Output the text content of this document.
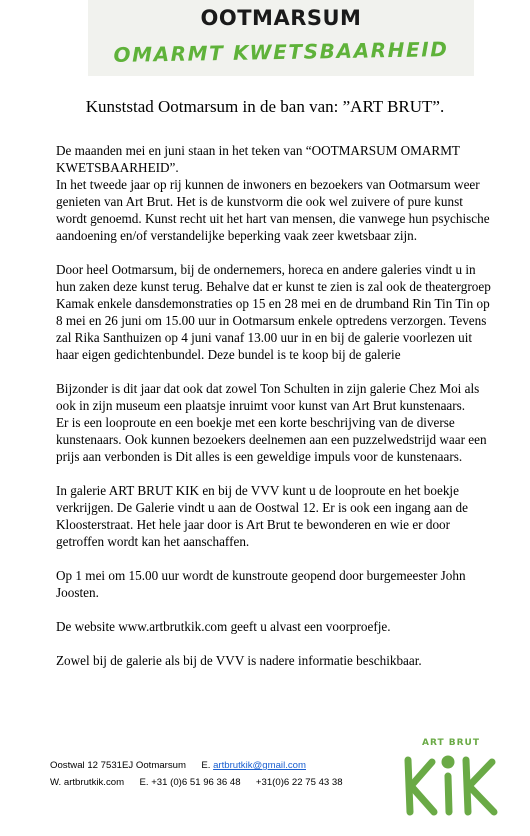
OOTMARSUM
OMARMT KWETSBAARHEID
Kunststad Ootmarsum in de ban van: ”ART BRUT”.

De maanden mei en juni staan in het teken van “OOTMARSUM OMARMT KWETSBAARHEID”.

In het tweede jaar op rij kunnen de inwoners en bezoekers van Ootmarsum weer genieten van Art Brut. Het is de kunstvorm die ook wel zuivere of pure kunst wordt genoemd. Kunst recht uit het hart van mensen, die vanwege hun psychische aandoening en/of verstandelijke beperking vaak zeer kwetsbaar zijn.

Door heel Ootmarsum, bij de ondernemers, horeca en andere galeries vindt u in hun zaken deze kunst terug. Behalve dat er kunst te zien is zal ook de theatergroep Kamak enkele dansdemonstraties op 15 en 28 mei en de drumband Rin Tin Tin op 8 mei en 26 juni om 15.00 uur in Ootmarsum enkele optredens verzorgen. Tevens zal Rika Santhuizen op 4 juni vanaf 13.00 uur in en bij de galerie voorlezen uit haar eigen gedichtenbundel. Deze bundel is te koop bij de galerie

Bijzonder is dit jaar dat ook dat zowel Ton Schulten in zijn galerie Chez Moi als ook in zijn museum een plaatsje inruimt voor kunst van Art Brut kunstenaars.

Er is een looproute en een boekje met een korte beschrijving van de diverse kunstenaars. Ook kunnen bezoekers deelnemen aan een puzzelwedstrijd waar een prijs aan verbonden is Dit alles is een geweldige impuls voor de kunstenaars.

In galerie ART BRUT KIK en bij de VVV kunt u de looproute en het boekje verkrijgen. De Galerie vindt u aan de Oostwal 12. Er is ook een ingang aan de Kloosterstraat. Het hele jaar door is Art Brut te bewonderen en wie er door getroffen wordt kan het aanschaffen.

Op 1 mei om 15.00 uur wordt de kunstroute geopend door burgemeester John Joosten.

De website www.artbrutkik.com geeft u alvast een voorproefje.

Zowel bij de galerie als bij de VVV is nadere informatie beschikbaar.

Oostwal 12 7531EJ Ootmarsum E. artbrutkik@gmail.com
W. artbrutkik.com E. +31 (0)6 51 96 36 48 +31(0)6 22 75 43 38
ART BRUT
